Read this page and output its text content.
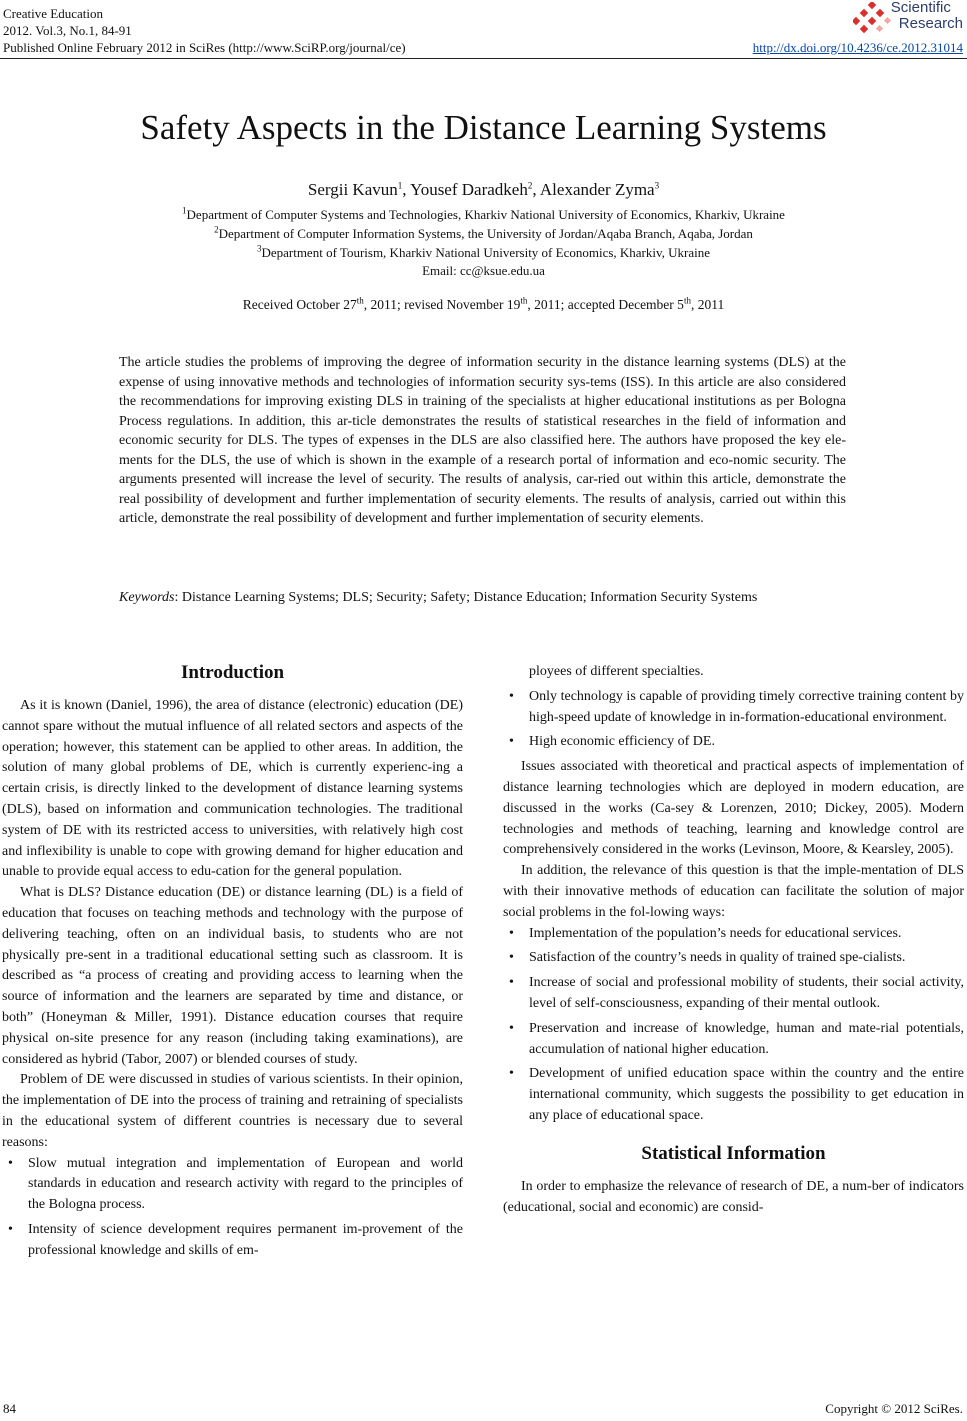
Creative Education
2012. Vol.3, No.1, 84-91
Published Online February 2012 in SciRes (http://www.SciRP.org/journal/ce)
Scientific
Research
http://dx.doi.org/10.4236/ce.2012.31014
Safety Aspects in the Distance Learning Systems
Sergii Kavun$^1$, Yousef Daradkeh$^2$, Alexander Zyma$^3$
$^1$Department of Computer Systems and Technologies, Kharkiv National University of Economics, Kharkiv, Ukraine
$^2$Department of Computer Information Systems, the University of Jordan/Aqaba Branch, Aqaba, Jordan
$^3$Department of Tourism, Kharkiv National University of Economics, Kharkiv, Ukraine
Email: cc@ksue.edu.ua
Received October 27th, 2011; revised November 19th, 2011; accepted December 5th, 2011
The article studies the problems of improving the degree of information security in the distance learning systems (DLS) at the expense of using innovative methods and technologies of information security sys-tems (ISS). In this article are also considered the recommendations for improving existing DLS in training of the specialists at higher educational institutions as per Bologna Process regulations. In addition, this ar-ticle demonstrates the results of statistical researches in the field of information and economic security for DLS. The types of expenses in the DLS are also classified here. The authors have proposed the key ele-ments for the DLS, the use of which is shown in the example of a research portal of information and eco-nomic security. The arguments presented will increase the level of security. The results of analysis, car-ried out within this article, demonstrate the real possibility of development and further implementation of security elements. The results of analysis, carried out within this article, demonstrate the real possibility of development and further implementation of security elements.
Keywords: Distance Learning Systems; DLS; Security; Safety; Distance Education; Information Security Systems
Introduction

As it is known (Daniel, 1996), the area of distance (electronic) education (DE) cannot spare without the mutual influence of all related sectors and aspects of the operation; however, this statement can be applied to other areas. In addition, the solution of many global problems of DE, which is currently experienc-ing a certain crisis, is directly linked to the development of distance learning systems (DLS), based on information and communication technologies. The traditional system of DE with its restricted access to universities, with relatively high cost and inflexibility is unable to cope with growing demand for higher education and unable to provide equal access to edu-cation for the general population.

What is DLS? Distance education (DE) or distance learning (DL) is a field of education that focuses on teaching methods and technology with the purpose of delivering teaching, often on an individual basis, to students who are not physically pre-sent in a traditional educational setting such as classroom. It is described as “a process of creating and providing access to learning when the source of information and the learners are separated by time and distance, or both” (Honeyman & Miller, 1991). Distance education courses that require physical on-site presence for any reason (including taking examinations), are considered as hybrid (Tabor, 2007) or blended courses of study.

Problem of DE were discussed in studies of various scientists. In their opinion, the implementation of DE into the process of training and retraining of specialists in the educational system of different countries is necessary due to several reasons:

• Slow mutual integration and implementation of European and world standards in education and research activity with regard to the principles of the Bologna process.
• Intensity of science development requires permanent im-provement of the professional knowledge and skills of em-
ployees of different specialties.
• Only technology is capable of providing timely corrective training content by high-speed update of knowledge in in-formation-educational environment.
• High economic efficiency of DE.

Issues associated with theoretical and practical aspects of implementation of distance learning technologies which are deployed in modern education, are discussed in the works (Ca-sey & Lorenzen, 2010; Dickey, 2005). Modern technologies and methods of teaching, learning and knowledge control are comprehensively considered in the works (Levinson, Moore, & Kearsley, 2005).

In addition, the relevance of this question is that the imple-mentation of DLS with their innovative methods of education can facilitate the solution of major social problems in the fol-lowing ways:

• Implementation of the population’s needs for educational services.
• Satisfaction of the country’s needs in quality of trained spe-cialists.
• Increase of social and professional mobility of students, their social activity, level of self-consciousness, expanding of their mental outlook.
• Preservation and increase of knowledge, human and mate-rial potentials, accumulation of national higher education.
• Development of unified education space within the country and the entire international community, which suggests the possibility to get education in any place of educational space.
Statistical Information

In order to emphasize the relevance of research of DE, a num-ber of indicators (educational, social and economic) are consid-

84	Copyright © 2012 SciRes.
